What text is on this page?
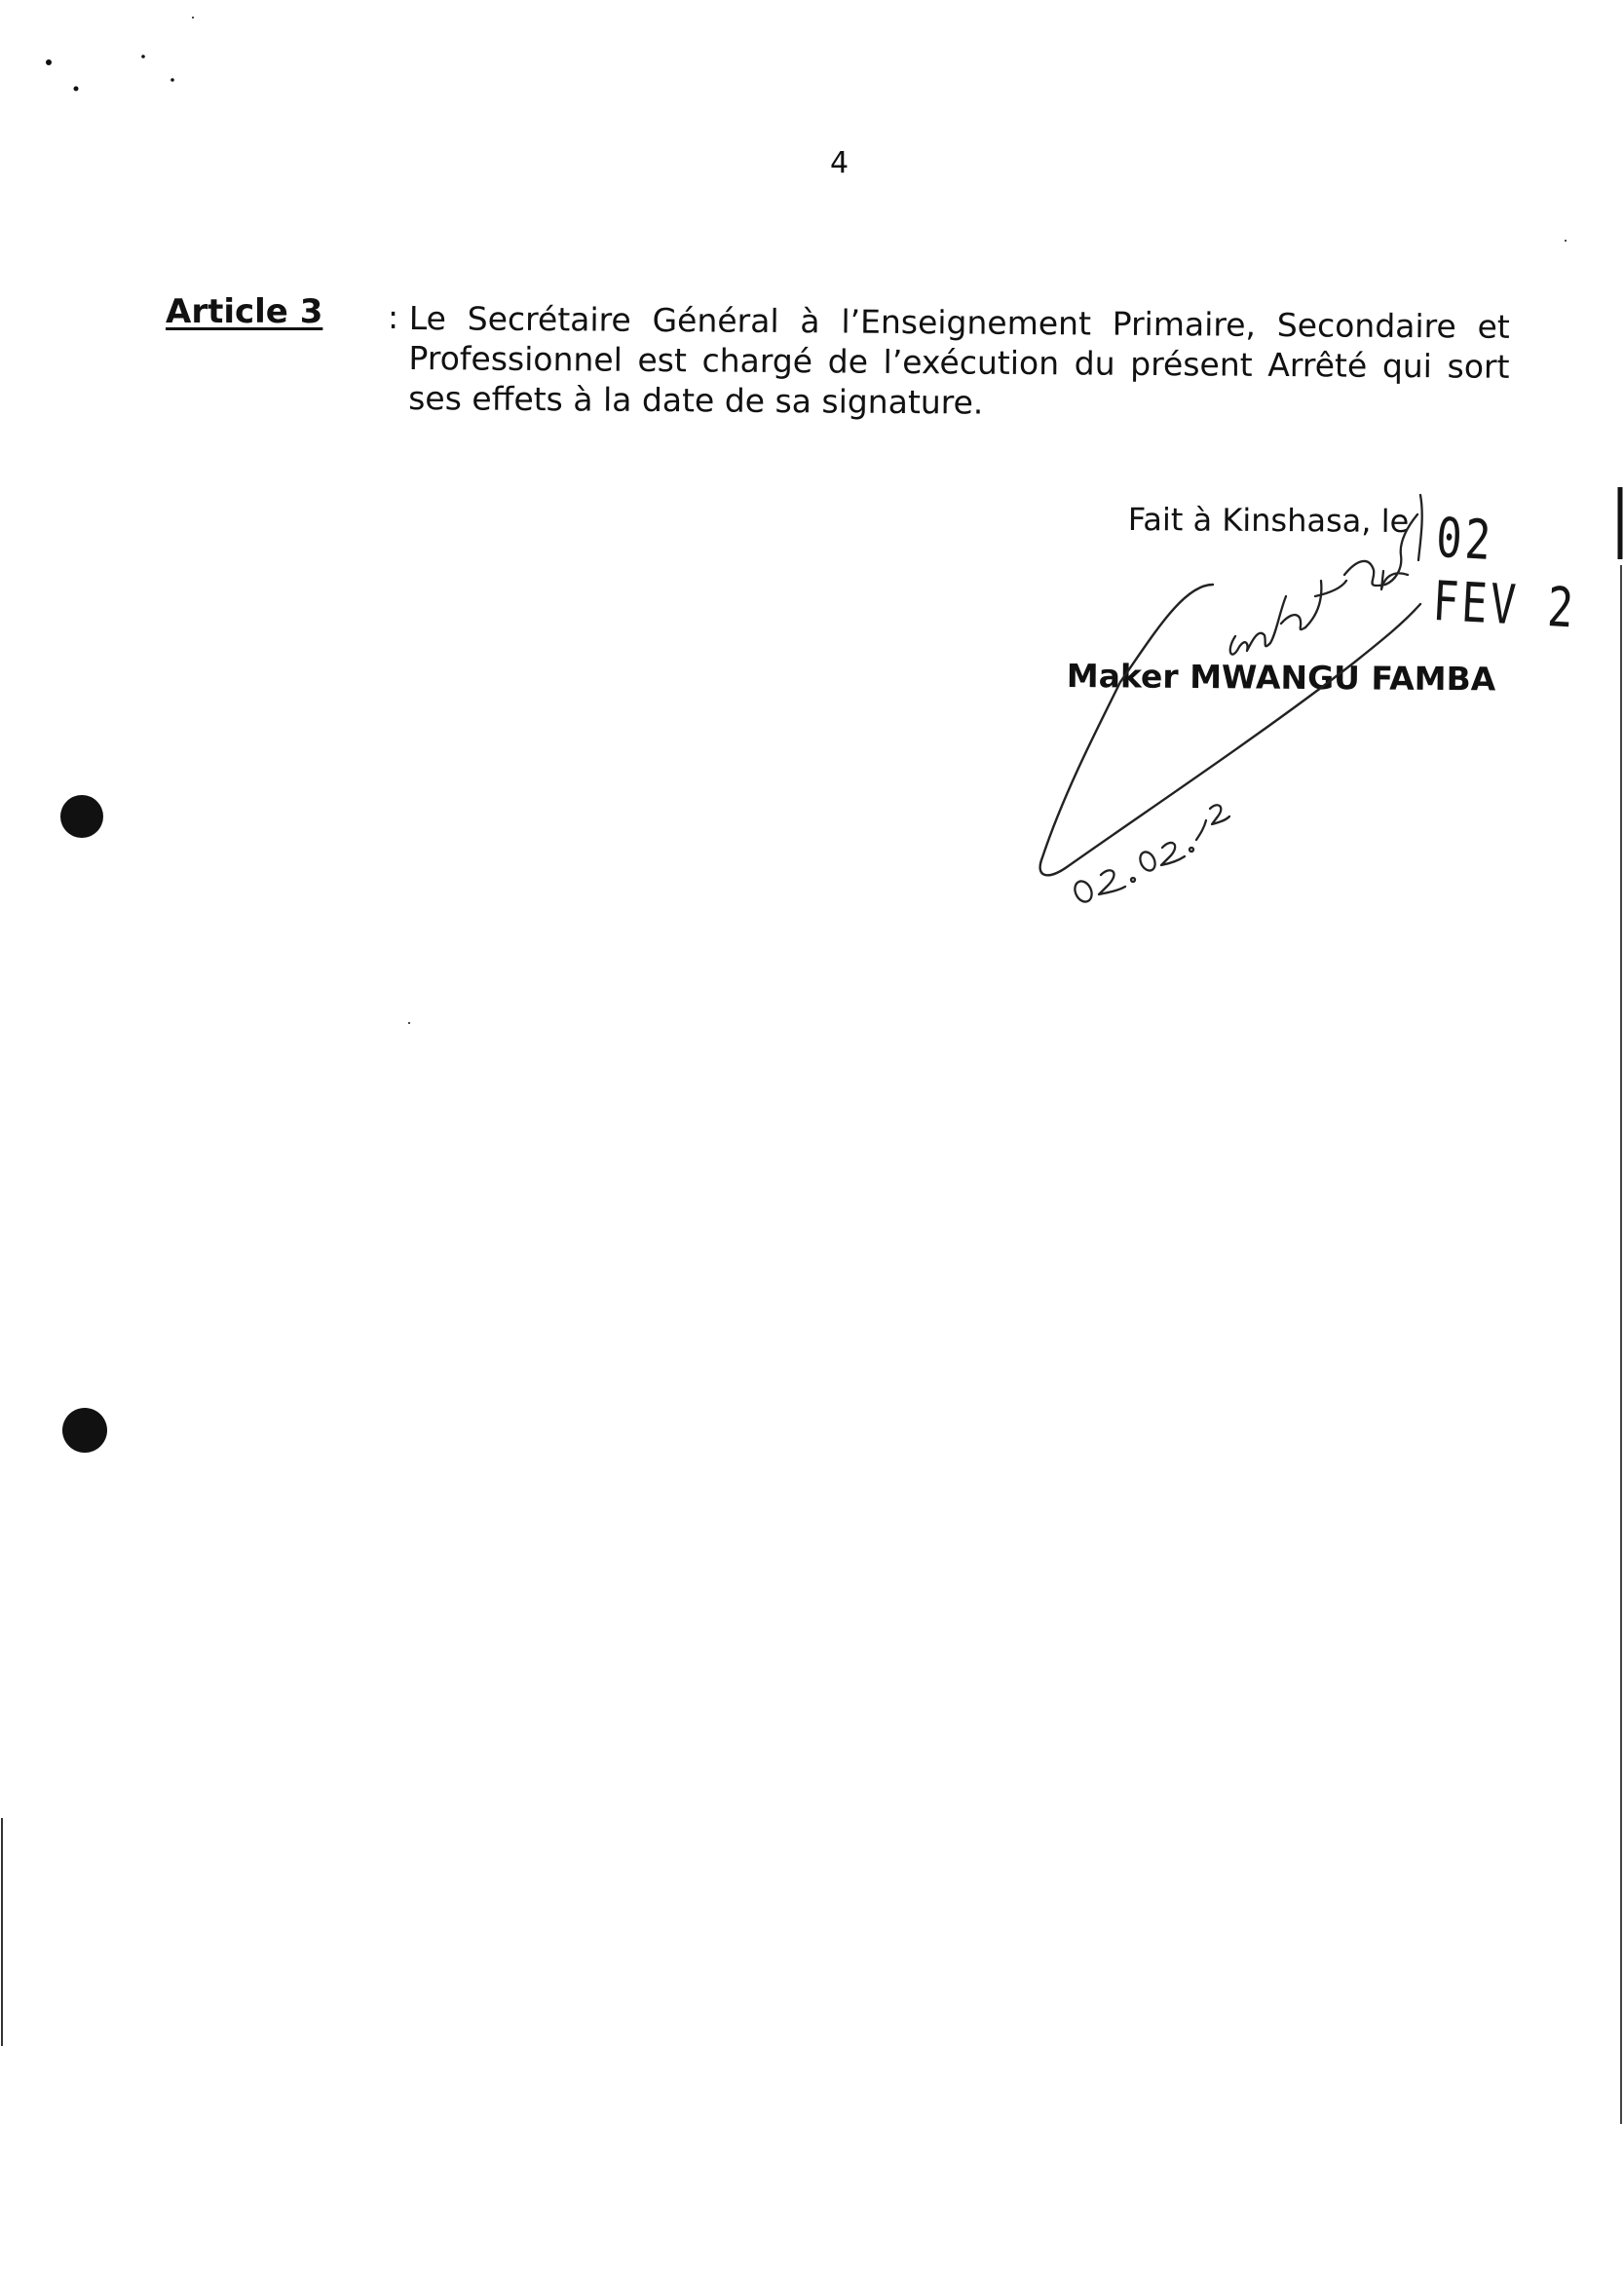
4
Article 3 : Le Secrétaire Général à l’Enseignement Primaire, Secondaire et Professionnel est chargé de l’exécution du présent Arrêté qui sort ses effets à la date de sa signature.
Fait à Kinshasa, le 02 FEV 2
Maker MWANGU FAMBA
